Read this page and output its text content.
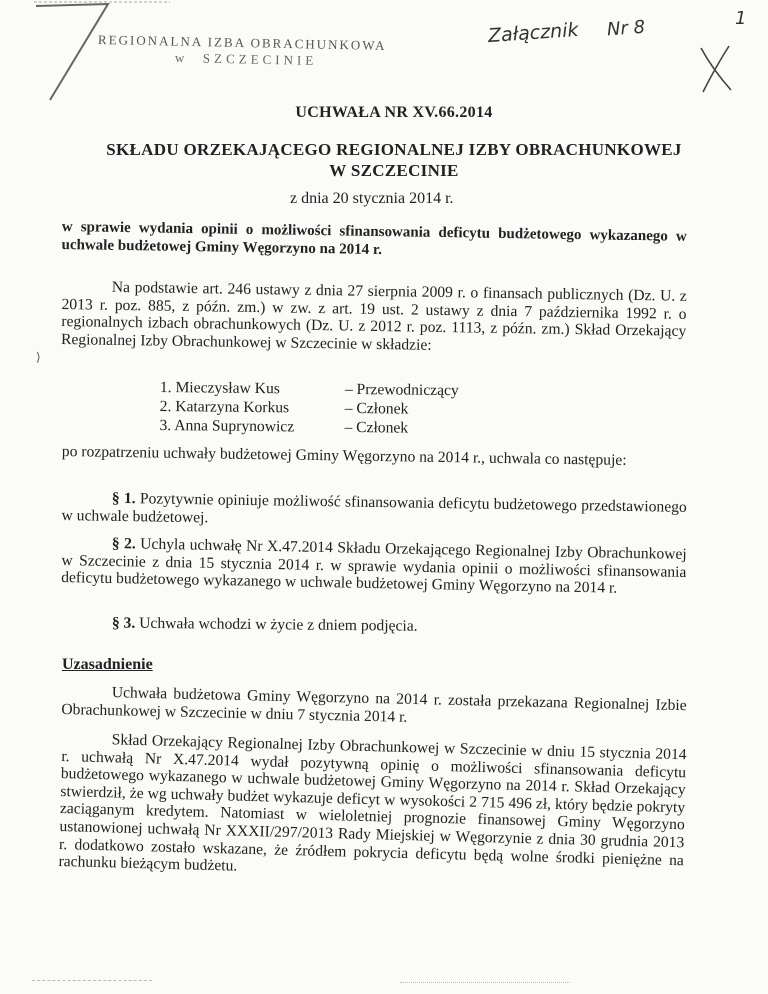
REGIONALNA IZBA OBRACHUNKOWA
w SZCZECINIE
Załącznik Nr 8	1
UCHWAŁA NR XV.66.2014
SKŁADU ORZEKAJĄCEGO REGIONALNEJ IZBY OBRACHUNKOWEJ
W SZCZECINIE
z dnia 20 stycznia 2014 r.
w sprawie wydania opinii o możliwości sfinansowania deficytu budżetowego wykazanego w uchwale budżetowej Gminy Węgorzyno na 2014 r.
Na podstawie art. 246 ustawy z dnia 27 sierpnia 2009 r. o finansach publicznych (Dz. U. z 2013 r. poz. 885, z późn. zm.) w zw. z art. 19 ust. 2 ustawy z dnia 7 października 1992 r. o regionalnych izbach obrachunkowych (Dz. U. z 2012 r. poz. 1113, z późn. zm.) Skład Orzekający Regionalnej Izby Obrachunkowej w Szczecinie w składzie:
⟩
1. Mieczysław Kus	– Przewodniczący
2. Katarzyna Korkus	– Członek
3. Anna Suprynowicz	– Członek
po rozpatrzeniu uchwały budżetowej Gminy Węgorzyno na 2014 r., uchwala co następuje:
§ 1. Pozytywnie opiniuje możliwość sfinansowania deficytu budżetowego przedstawionego w uchwale budżetowej.
§ 2. Uchyla uchwałę Nr X.47.2014 Składu Orzekającego Regionalnej Izby Obrachunkowej w Szczecinie z dnia 15 stycznia 2014 r. w sprawie wydania opinii o możliwości sfinansowania deficytu budżetowego wykazanego w uchwale budżetowej Gminy Węgorzyno na 2014 r.
§ 3. Uchwała wchodzi w życie z dniem podjęcia.
Uzasadnienie
Uchwała budżetowa Gminy Węgorzyno na 2014 r. została przekazana Regionalnej Izbie Obrachunkowej w Szczecinie w dniu 7 stycznia 2014 r.
Skład Orzekający Regionalnej Izby Obrachunkowej w Szczecinie w dniu 15 stycznia 2014 r. uchwałą Nr X.47.2014 wydał pozytywną opinię o możliwości sfinansowania deficytu budżetowego wykazanego w uchwale budżetowej Gminy Węgorzyno na 2014 r. Skład Orzekający stwierdził, że wg uchwały budżet wykazuje deficyt w wysokości 2 715 496 zł, który będzie pokryty zaciąganym kredytem. Natomiast w wieloletniej prognozie finansowej Gminy Węgorzyno ustanowionej uchwałą Nr XXXII/297/2013 Rady Miejskiej w Węgorzynie z dnia 30 grudnia 2013 r. dodatkowo zostało wskazane, że źródłem pokrycia deficytu będą wolne środki pieniężne na rachunku bieżącym budżetu.
